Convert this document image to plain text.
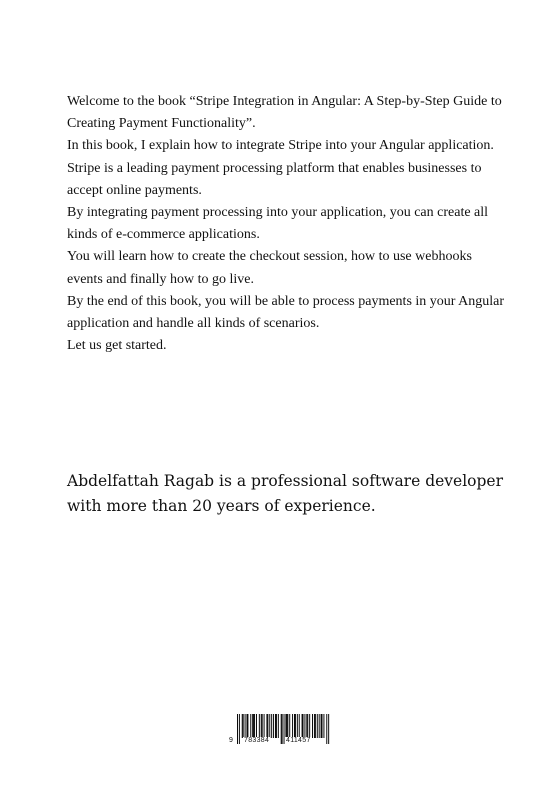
Welcome to the book “Stripe Integration in Angular: A Step-by-Step Guide to Creating Payment Functionality”.

In this book, I explain how to integrate Stripe into your Angular application.

Stripe is a leading payment processing platform that enables businesses to accept online payments.

By integrating payment processing into your application, you can create all kinds of e-commerce applications.

You will learn how to create the checkout session, how to use webhooks events and finally how to go live.

By the end of this book, you will be able to process payments in your Angular application and handle all kinds of scenarios.

Let us get started.

Abdelfattah Ragab is a professional software developer with more than 20 years of experience.

9 783384 411457
